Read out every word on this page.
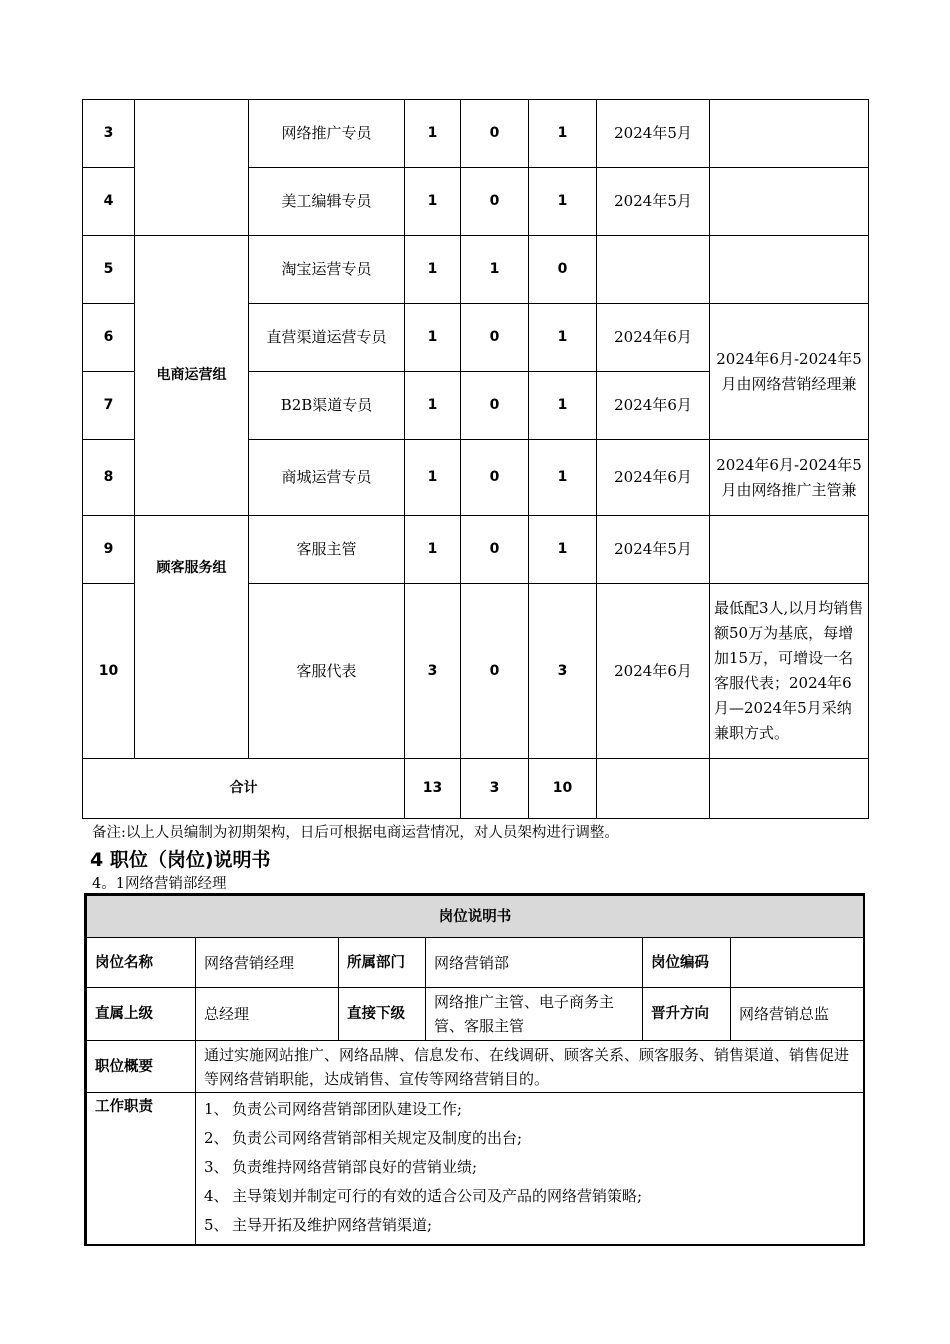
3		网络推广专员	1	0	1	2024年5月	
4		美工编辑专员	1	0	1	2024年5月	
5	电商运营组	淘宝运营专员	1	1	0		
6		直营渠道运营专员	1	0	1	2024年6月	2024年6月-2024年5月由网络营销经理兼
7		B2B渠道专员	1	0	1	2024年6月	
8		商城运营专员	1	0	1	2024年6月	2024年6月-2024年5月由网络推广主管兼
9	顾客服务组	客服主管	1	0	1	2024年5月	
10		客服代表	3	0	3	2024年6月	最低配3人,以月均销售额50万为基底，每增加15万，可增设一名客服代表；2024年6月—2024年5月采纳兼职方式。
合计			13	3	10		
备注:以上人员编制为初期架构，日后可根据电商运营情况，对人员架构进行调整。
4 职位（岗位)说明书
4。1网络营销部经理
岗位说明书					
岗位名称	网络营销经理	所属部门	网络营销部	岗位编码	
直属上级	总经理	直接下级	网络推广主管、电子商务主管、客服主管	晋升方向	网络营销总监
职位概要	通过实施网站推广、网络品牌、信息发布、在线调研、顾客关系、顾客服务、销售渠道、销售促进等网络营销职能，达成销售、宣传等网络营销目的。				
工作职责	1、 负责公司网络营销部团队建设工作;
2、 负责公司网络营销部相关规定及制度的出台;
3、 负责维持网络营销部良好的营销业绩;
4、 主导策划并制定可行的有效的适合公司及产品的网络营销策略;
5、 主导开拓及维护网络营销渠道;				
